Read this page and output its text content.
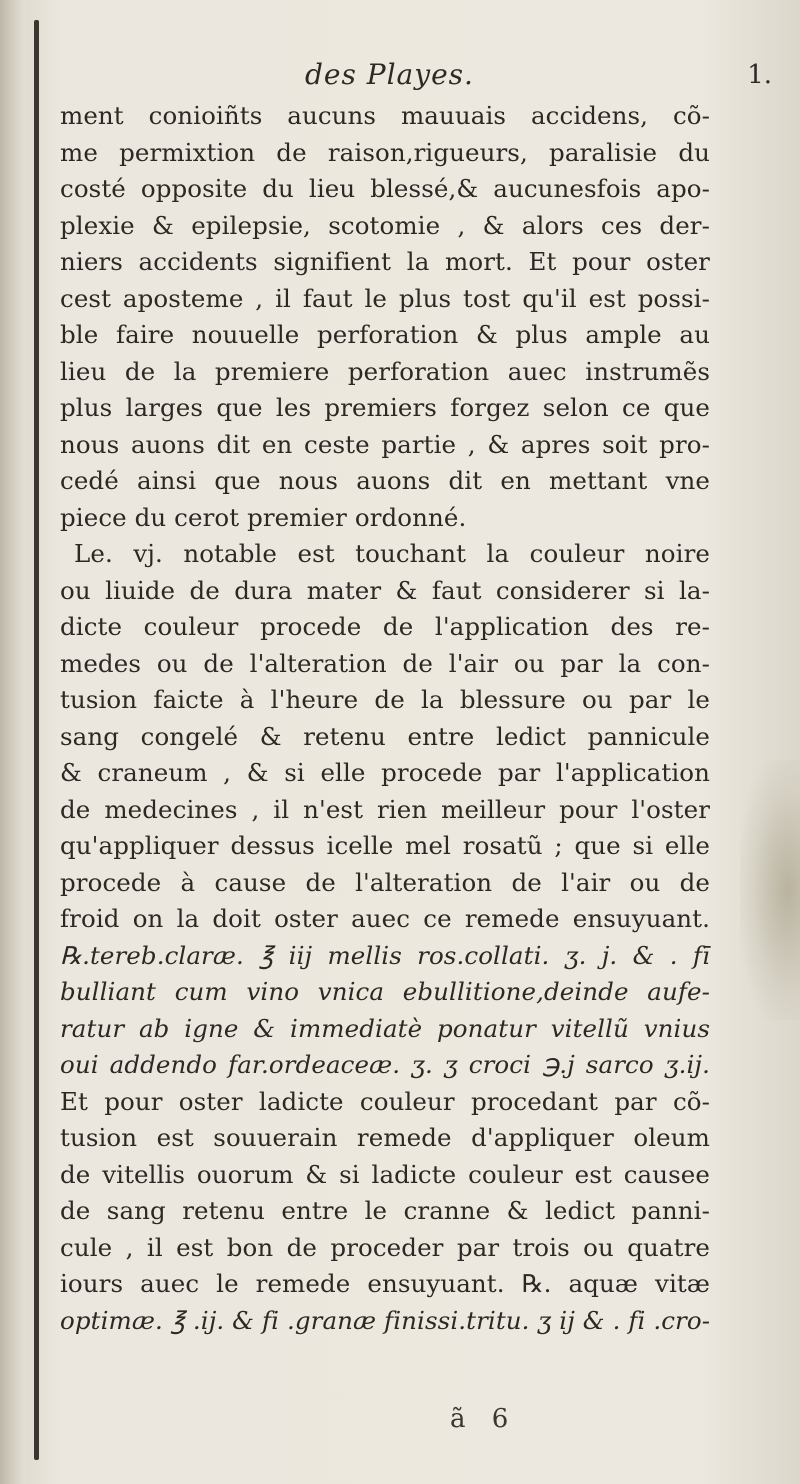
des Playes.	1.
ment conioiñts aucuns mauuais accidens, cõ-
me permixtion de raison,rigueurs, paralisie du
costé opposite du lieu blessé,& aucunesfois apo-
plexie & epilepsie, scotomie , & alors ces der-
niers accidents signifient la mort. Et pour oster
cest apostеme , il faut le plus tost qu'il est possi-
ble faire nouuelle perforation & plus ample au
lieu de la premiere perforation auec instrumẽs
plus larges que les premiers forgez selon ce que
nous auons dit en ceste partie , & apres soit pro-
cedé ainsi que nous auons dit en mettant vne
piece du cerot premier ordonné.
Le. vj. notable est touchant la couleur noire
ou liuide de dura mater & faut considerer si la-
dicte couleur procede de l'application des re-
medes ou de l'alteration de l'air ou par la con-
tusion faicte à l'heure de la blessure ou par le
sang congelé & retenu entre ledict pannicule
& craneum , & si elle procede par l'application
de medecines , il n'est rien meilleur pour l'oster
qu'appliquer dessus icelle mel rosatũ ; que si elle
procede à cause de l'alteration de l'air ou de
froid on la doit oster auec ce remede ensuyuant.
℞.tereb.claræ. ℥ iij mellis ros.collati. ʒ. j. & . fī
bulliant cum vino vnica ebullitione,deinde aufe-
ratur ab igne & immediatè ponatur vitellũ vnius
oui addendo far.ordeaceæ. ʒ. ʒ croci ℈.j sarco ʒ.ij.
Et pour oster ladicte couleur procedant par cõ-
tusion est souuerain remede d'appliquer oleum
de vitellis ouorum & si ladicte couleur est causee
de sang retenu entre le cranne & ledict panni-
cule , il est bon de proceder par trois ou quatre
iours auec le remede ensuyuant. ℞. aquæ vitæ
optimæ. ℥ .ij. & fi .granæ finissi.tritu. ʒ ij & . fi .cro-
ã 6
